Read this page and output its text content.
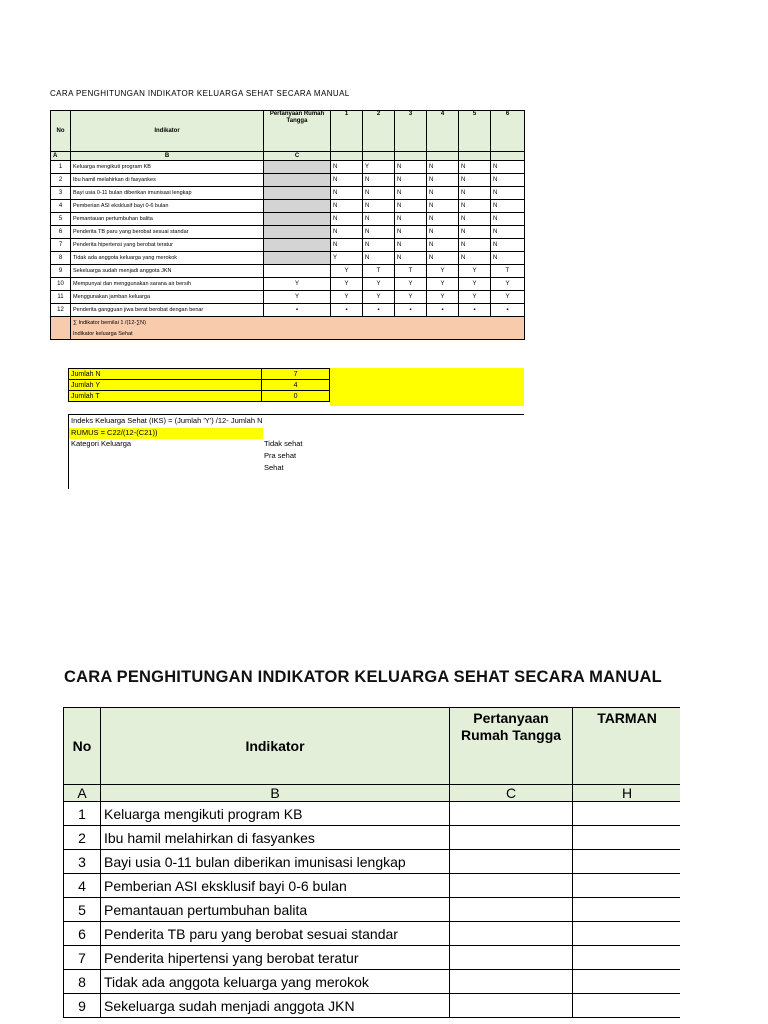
CARA PENGHITUNGAN INDIKATOR KELUARGA SEHAT SECARA MANUAL
No	Indikator	Pertanyaan Rumah Tangga	1	2	3	4	5	6
A	B	C						
1	Keluarga mengikuti program KB		N	Y	N	N	N	N
2	Ibu hamil melahirkan di fasyankes		N	N	N	N	N	N
3	Bayi usia 0-11 bulan diberikan imunisasi lengkap		N	N	N	N	N	N
4	Pemberian ASI eksklusif bayi 0-6 bulan		N	N	N	N	N	N
5	Pemantauan pertumbuhan balita		N	N	N	N	N	N
6	Penderita TB paru yang berobat sesuai standar		N	N	N	N	N	N
7	Penderita hipertensi yang berobat teratur		N	N	N	N	N	N
8	Tidak ada anggota keluarga yang merokok		Y	N	N	N	N	N
9	Sekeluarga sudah menjadi anggota JKN		Y	T	T	Y	Y	T
10	Mempunyai dan menggunakan sarana air bersih	Y	Y	Y	Y	Y	Y	Y
11	Menggunakan jamban keluarga	Y	Y	Y	Y	Y	Y	Y
12	Penderita gangguan jiwa berat berobat dengan benar	▪	▪	▪	▪	▪	▪	▪
	∑ Indikator bernilai 1 /(12-∑N)							
	Indikator keluarga Sehat							
Jumlah N	7
Jumlah Y	4
Jumlah T	0
Indeks Keluarga Sehat (IKS) = (Jumlah 'Y') /12- Jumlah N
RUMUS = C22/(12-(C21))
Kategori Keluarga	Tidak sehat
Pra sehat
Sehat
CARA PENGHITUNGAN INDIKATOR KELUARGA SEHAT SECARA MANUAL
No	Indikator	Pertanyaan Rumah Tangga	TARMAN
A	B	C	H
1	Keluarga mengikuti program KB		
2	Ibu hamil melahirkan di fasyankes		
3	Bayi usia 0-11 bulan diberikan imunisasi lengkap		
4	Pemberian ASI eksklusif bayi 0-6 bulan		
5	Pemantauan pertumbuhan balita		
6	Penderita TB paru yang berobat sesuai standar		
7	Penderita hipertensi yang berobat teratur		
8	Tidak ada anggota keluarga yang merokok		
9	Sekeluarga sudah menjadi anggota JKN		
